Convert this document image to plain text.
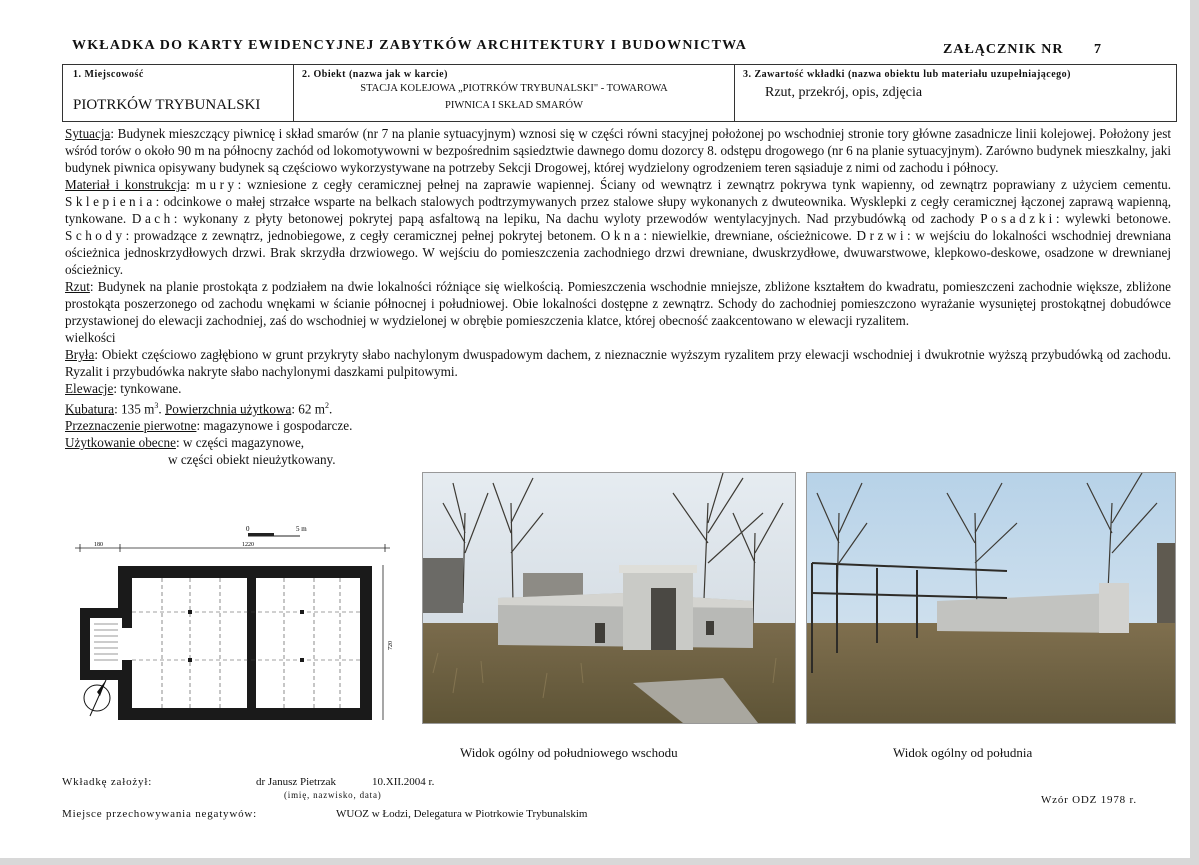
WKŁADKA DO KARTY EWIDENCYJNEJ ZABYTKÓW ARCHITEKTURY I BUDOWNICTWA	ZAŁĄCZNIK NR 7
1. Miejscowość
PIOTRKÓW TRYBUNALSKI
2. Obiekt (nazwa jak w karcie)
STACJA KOLEJOWA „PIOTRKÓW TRYBUNALSKI" - TOWAROWA
PIWNICA I SKŁAD SMARÓW
3. Zawartość wkładki (nazwa obiektu lub materiału uzupełniającego)
Rzut, przekrój, opis, zdjęcia

Sytuacja: Budynek mieszczący piwnicę i skład smarów (nr 7 na planie sytuacyjnym) wznosi się w części równi stacyjnej położonej po wschodniej stronie tory główne zasadnicze linii kolejowej. Położony jest wśród torów o około 90 m na północny zachód od lokomotywowni w bezpośrednim sąsiedztwie dawnego domu dozorcy 8. odstępu drogowego (nr 6 na planie sytuacyjnym). Zarówno budynek mieszkalny, jaki budynek piwnica opisywany budynek są częściowo wykorzystywane na potrzeby Sekcji Drogowej, której wydzielony ogrodzeniem teren sąsiaduje z nimi od zachodu i północy.

Materiał i konstrukcja: mury: wzniesione z cegły ceramicznej pełnej na zaprawie wapiennej. Ściany od wewnątrz i zewnątrz pokrywa tynk wapienny, od zewnątrz poprawiany z użyciem cementu. Sklepienia: odcinkowe o małej strzałce wsparte na belkach stalowych podtrzymywanych przez stalowe słupy wykonanych z dwuteownika. Wysklepki z cegły ceramicznej łączonej zaprawą wapienną, tynkowane. Dach: wykonany z płyty betonowej pokrytej papą asfaltową na lepiku, Na dachu wyloty przewodów wentylacyjnych. Nad przybudówką od zachody Posadzki: wylewki betonowe. Schody: prowadzące z zewnątrz, jednobiegowe, z cegły ceramicznej pełnej pokrytej betonem. Okna: niewielkie, drewniane, ościeżnicowe. Drzwi: w wejściu do lokalności wschodniej drewniana ościeżnica jednoskrzydłowych drzwi. Brak skrzydła drzwiowego. W wejściu do pomieszczenia zachodniego drzwi drewniane, dwuskrzydłowe, dwuwarstwowe, klepkowo-deskowe, osadzone w drewnianej ościeżnicy.

Rzut: Budynek na planie prostokąta z podziałem na dwie lokalności różniące się wielkością. Pomieszczenia wschodnie mniejsze, zbliżone kształtem do kwadratu, pomieszczeni zachodnie większe, zbliżone prostokąta poszerzonego od zachodu wnękami w ścianie północnej i południowej. Obie lokalności dostępne z zewnątrz. Schody do zachodniej pomieszczono wyrażanie wysuniętej prostokątnej dobudówce przystawionej do elewacji zachodniej, zaś do wschodniej w wydzielonej w obrębie pomieszczenia klatce, której obecność zaakcentowano w elewacji ryzalitem.

wielkości

Bryła: Obiekt częściowo zagłębiono w grunt przykryty słabo nachylonym dwuspadowym dachem, z nieznacznie wyższym ryzalitem przy elewacji wschodniej i dwukrotnie wyższą przybudówką od zachodu. Ryzalit i przybudówka nakryte słabo nachylonymi daszkami pulpitowymi.

Elewacje: tynkowane.

Kubatura: 135 $m^3$. Powierzchnia użytkowa: 62 $m^2$.

Przeznaczenie pierwotne: magazynowe i gospodarcze.

Użytkowanie obecne: w części magazynowe,

w części obiekt nieużytkowany.

0	5 m
180	1220
720
Widok ogólny od południowego wschodu	Widok ogólny od południa
Wkładkę założył:	dr Janusz Pietrzak	10.XII.2004 r.
(imię, nazwisko, data)	Wzór ODZ 1978 r.
Miejsce przechowywania negatywów:	WUOZ w Łodzi, Delegatura w Piotrkowie Trybunalskim
